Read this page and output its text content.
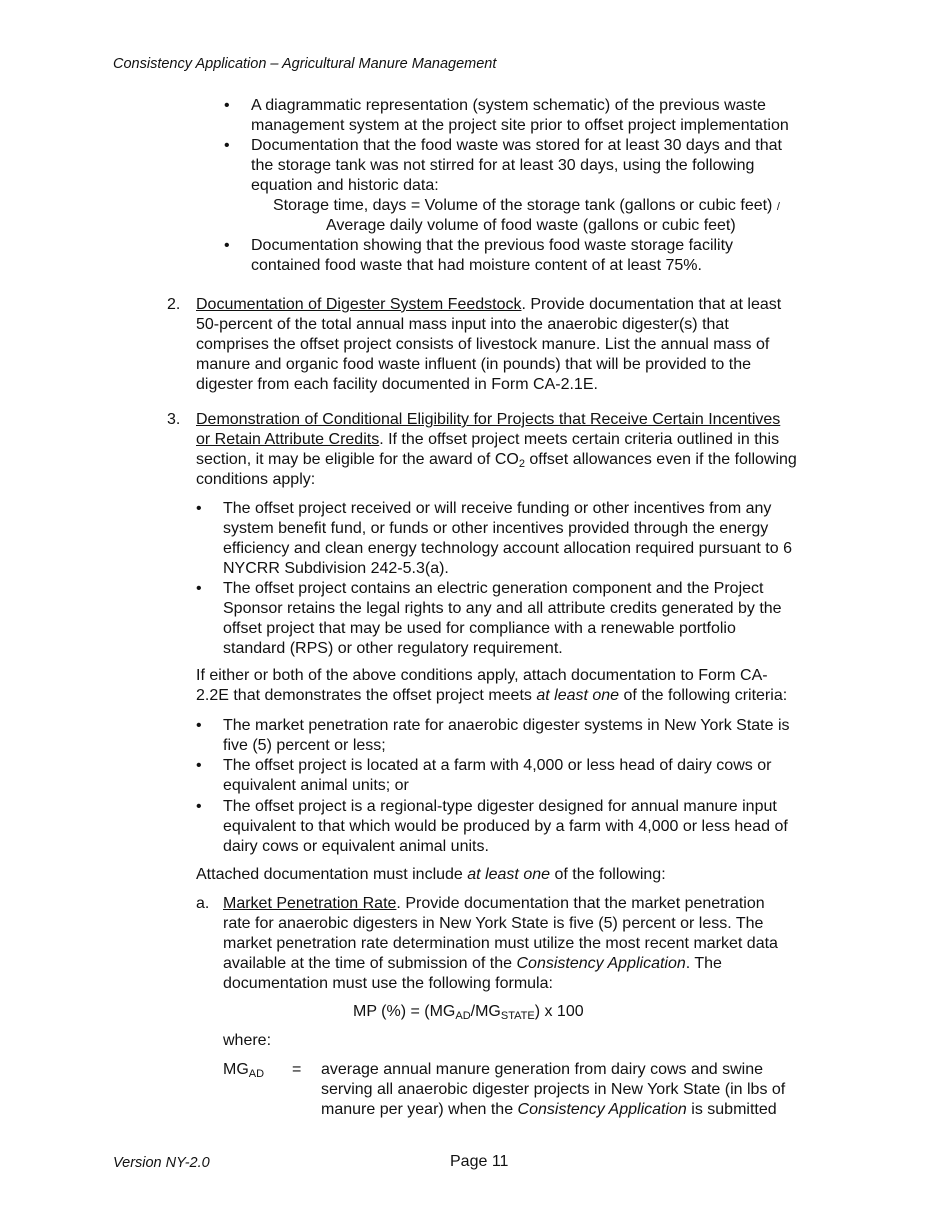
Consistency Application – Agricultural Manure Management
• A diagrammatic representation (system schematic) of the previous waste
management system at the project site prior to offset project implementation
• Documentation that the food waste was stored for at least 30 days and that
the storage tank was not stirred for at least 30 days, using the following
equation and historic data:
Storage time, days = Volume of the storage tank (gallons or cubic feet) /
Average daily volume of food waste (gallons or cubic feet)
• Documentation showing that the previous food waste storage facility
contained food waste that had moisture content of at least 75%.
2. Documentation of Digester System Feedstock. Provide documentation that at least
50-percent of the total annual mass input into the anaerobic digester(s) that
comprises the offset project consists of livestock manure. List the annual mass of
manure and organic food waste influent (in pounds) that will be provided to the
digester from each facility documented in Form CA-2.1E.
3. Demonstration of Conditional Eligibility for Projects that Receive Certain Incentives
or Retain Attribute Credits. If the offset project meets certain criteria outlined in this
section, it may be eligible for the award of $CO_2$ offset allowances even if the following
conditions apply:
• The offset project received or will receive funding or other incentives from any
system benefit fund, or funds or other incentives provided through the energy
efficiency and clean energy technology account allocation required pursuant to 6
NYCRR Subdivision 242-5.3(a).
• The offset project contains an electric generation component and the Project
Sponsor retains the legal rights to any and all attribute credits generated by the
offset project that may be used for compliance with a renewable portfolio
standard (RPS) or other regulatory requirement.
If either or both of the above conditions apply, attach documentation to Form CA-
2.2E that demonstrates the offset project meets at least one of the following criteria:
• The market penetration rate for anaerobic digester systems in New York State is
five (5) percent or less;
• The offset project is located at a farm with 4,000 or less head of dairy cows or
equivalent animal units; or
• The offset project is a regional-type digester designed for annual manure input
equivalent to that which would be produced by a farm with 4,000 or less head of
dairy cows or equivalent animal units.
Attached documentation must include at least one of the following:
a. Market Penetration Rate. Provide documentation that the market penetration
rate for anaerobic digesters in New York State is five (5) percent or less. The
market penetration rate determination must utilize the most recent market data
available at the time of submission of the Consistency Application. The
documentation must use the following formula:
MP (%) = $(MG_{AD}/MG_{STATE})$ x 100
where:
$MG_{AD}$ = average annual manure generation from dairy cows and swine
serving all anaerobic digester projects in New York State (in lbs of
manure per year) when the Consistency Application is submitted
Version NY-2.0	Page 11
